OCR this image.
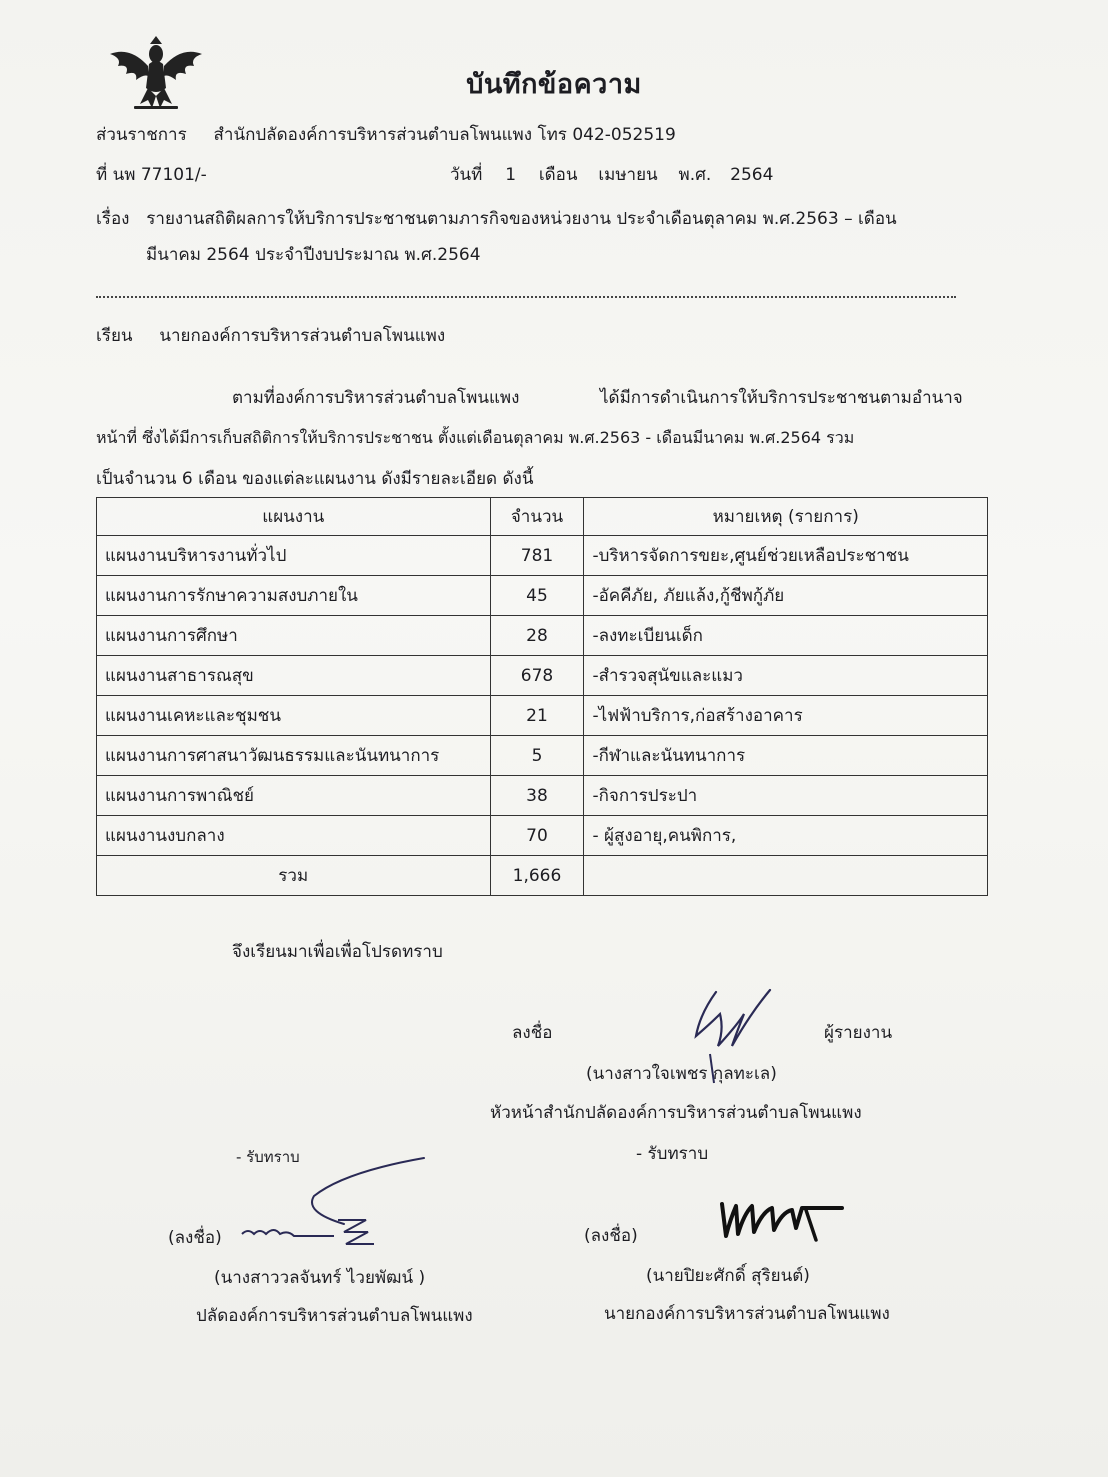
บันทึกข้อความ
ส่วนราชการ สำนักปลัดองค์การบริหารส่วนตำบลโพนแพง โทร 042-052519
ที่ นพ 77101/-	วันที่ 1 เดือน เมษายน พ.ศ. 2564
เรื่อง รายงานสถิติผลการให้บริการประชาชนตามภารกิจของหน่วยงาน ประจำเดือนตุลาคม พ.ศ.2563 – เดือน
มีนาคม 2564 ประจำปีงบประมาณ พ.ศ.2564
เรียน นายกองค์การบริหารส่วนตำบลโพนแพง
ตามที่องค์การบริหารส่วนตำบลโพนแพง	ได้มีการดำเนินการให้บริการประชาชนตามอำนาจ
หน้าที่ ซึ่งได้มีการเก็บสถิติการให้บริการประชาชน ตั้งแต่เดือนตุลาคม พ.ศ.2563 - เดือนมีนาคม พ.ศ.2564 รวม
เป็นจำนวน 6 เดือน ของแต่ละแผนงาน ดังมีรายละเอียด ดังนี้
แผนงาน	จำนวน	หมายเหตุ (รายการ)
แผนงานบริหารงานทั่วไป	781	-บริหารจัดการขยะ,ศูนย์ช่วยเหลือประชาชน
แผนงานการรักษาความสงบภายใน	45	-อัคคีภัย, ภัยแล้ง,กู้ชีพกู้ภัย
แผนงานการศึกษา	28	-ลงทะเบียนเด็ก
แผนงานสาธารณสุข	678	-สำรวจสุนัขและแมว
แผนงานเคหะและชุมชน	21	-ไฟฟ้าบริการ,ก่อสร้างอาคาร
แผนงานการศาสนาวัฒนธรรมและนันทนาการ	5	-กีฬาและนันทนาการ
แผนงานการพาณิชย์	38	-กิจการประปา
แผนงานงบกลาง	70	- ผู้สูงอายุ,คนพิการ,
รวม	1,666	
จึงเรียนมาเพื่อเพื่อโปรดทราบ
ลงชื่อ	ผู้รายงาน
(นางสาวใจเพชร กุลทะเล)
หัวหน้าสำนักปลัดองค์การบริหารส่วนตำบลโพนแพง
- รับทราบ	- รับทราบ
(ลงชื่อ)
(นางสาววลจันทร์ ไวยพัฒน์ )
ปลัดองค์การบริหารส่วนตำบลโพนแพง
(ลงชื่อ)
(นายปิยะศักดิ์ สุริยนต์)
นายกองค์การบริหารส่วนตำบลโพนแพง
